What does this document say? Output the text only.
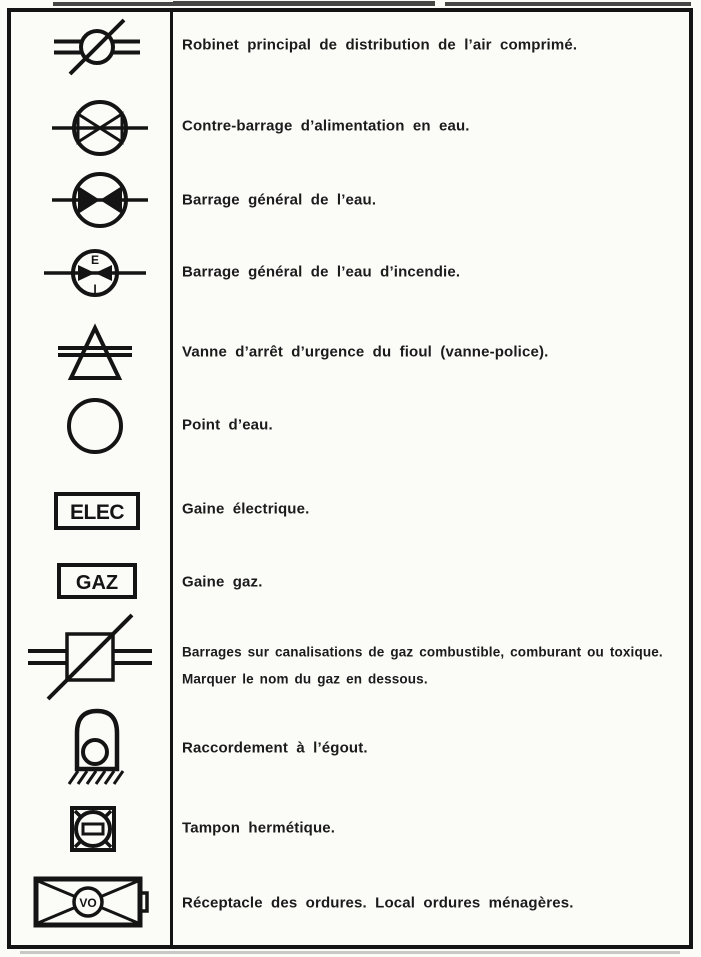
Robinet principal de distribution de l’air comprimé.
Contre-barrage d’alimentation en eau.
Barrage général de l’eau.
E
I
Barrage général de l’eau d’incendie.
Vanne d’arrêt d’urgence du fioul (vanne-police).
Point d’eau.
ELEC	Gaine électrique.
GAZ	Gaine gaz.
Barrages sur canalisations de gaz combustible, comburant ou toxique.
Marquer le nom du gaz en dessous.
Raccordement à l’égout.
Tampon hermétique.
VO	Réceptacle des ordures. Local ordures ménagères.
